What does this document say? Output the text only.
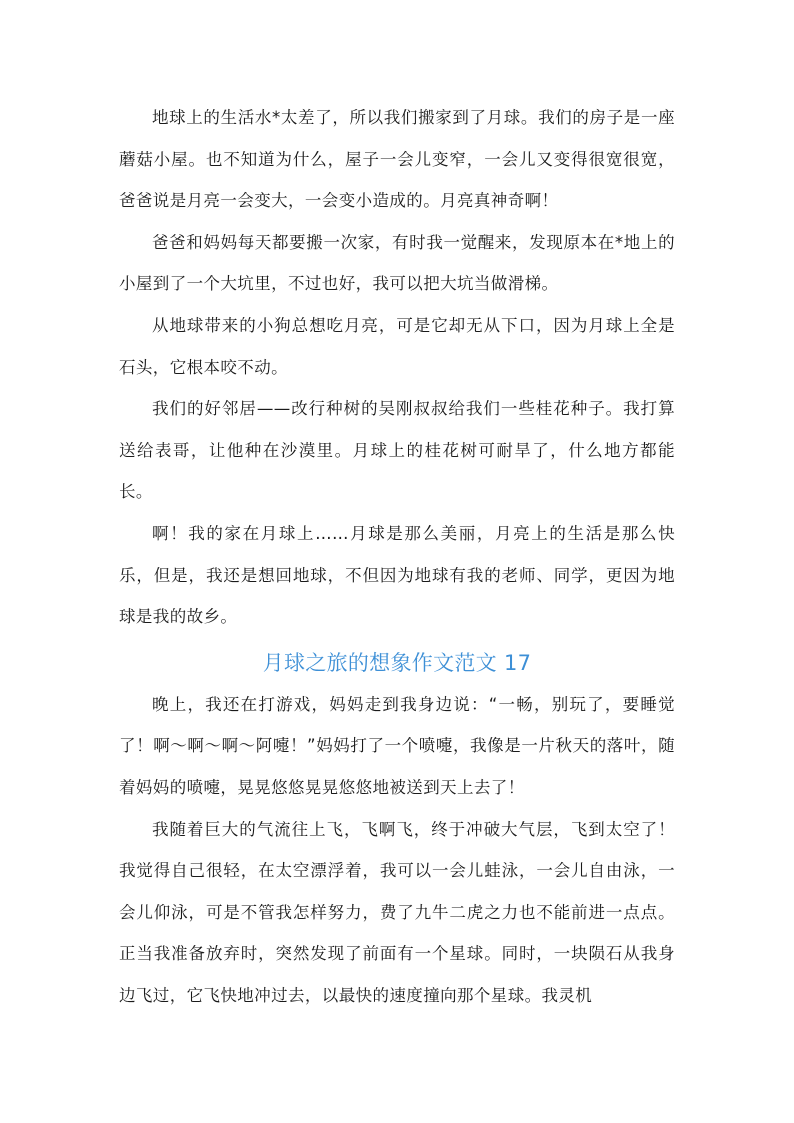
地球上的生活水*太差了，所以我们搬家到了月球。我们的房子是一座蘑菇小屋。也不知道为什么，屋子一会儿变窄，一会儿又变得很宽很宽，爸爸说是月亮一会变大，一会变小造成的。月亮真神奇啊！

爸爸和妈妈每天都要搬一次家，有时我一觉醒来，发现原本在*地上的小屋到了一个大坑里，不过也好，我可以把大坑当做滑梯。

从地球带来的小狗总想吃月亮，可是它却无从下口，因为月球上全是石头，它根本咬不动。

我们的好邻居——改行种树的吴刚叔叔给我们一些桂花种子。我打算送给表哥，让他种在沙漠里。月球上的桂花树可耐旱了，什么地方都能长。

啊！我的家在月球上……月球是那么美丽，月亮上的生活是那么快乐，但是，我还是想回地球，不但因为地球有我的老师、同学，更因为地球是我的故乡。

月球之旅的想象作文范文 17

晚上，我还在打游戏，妈妈走到我身边说：“一畅，别玩了，要睡觉了！啊～啊～啊～阿嚏！”妈妈打了一个喷嚏，我像是一片秋天的落叶，随着妈妈的喷嚏，晃晃悠悠晃晃悠悠地被送到天上去了！

我随着巨大的气流往上飞，飞啊飞，终于冲破大气层，飞到太空了！我觉得自己很轻，在太空漂浮着，我可以一会儿蛙泳，一会儿自由泳，一会儿仰泳，可是不管我怎样努力，费了九牛二虎之力也不能前进一点点。正当我准备放弃时，突然发现了前面有一个星球。同时，一块陨石从我身边飞过，它飞快地冲过去，以最快的速度撞向那个星球。我灵机
